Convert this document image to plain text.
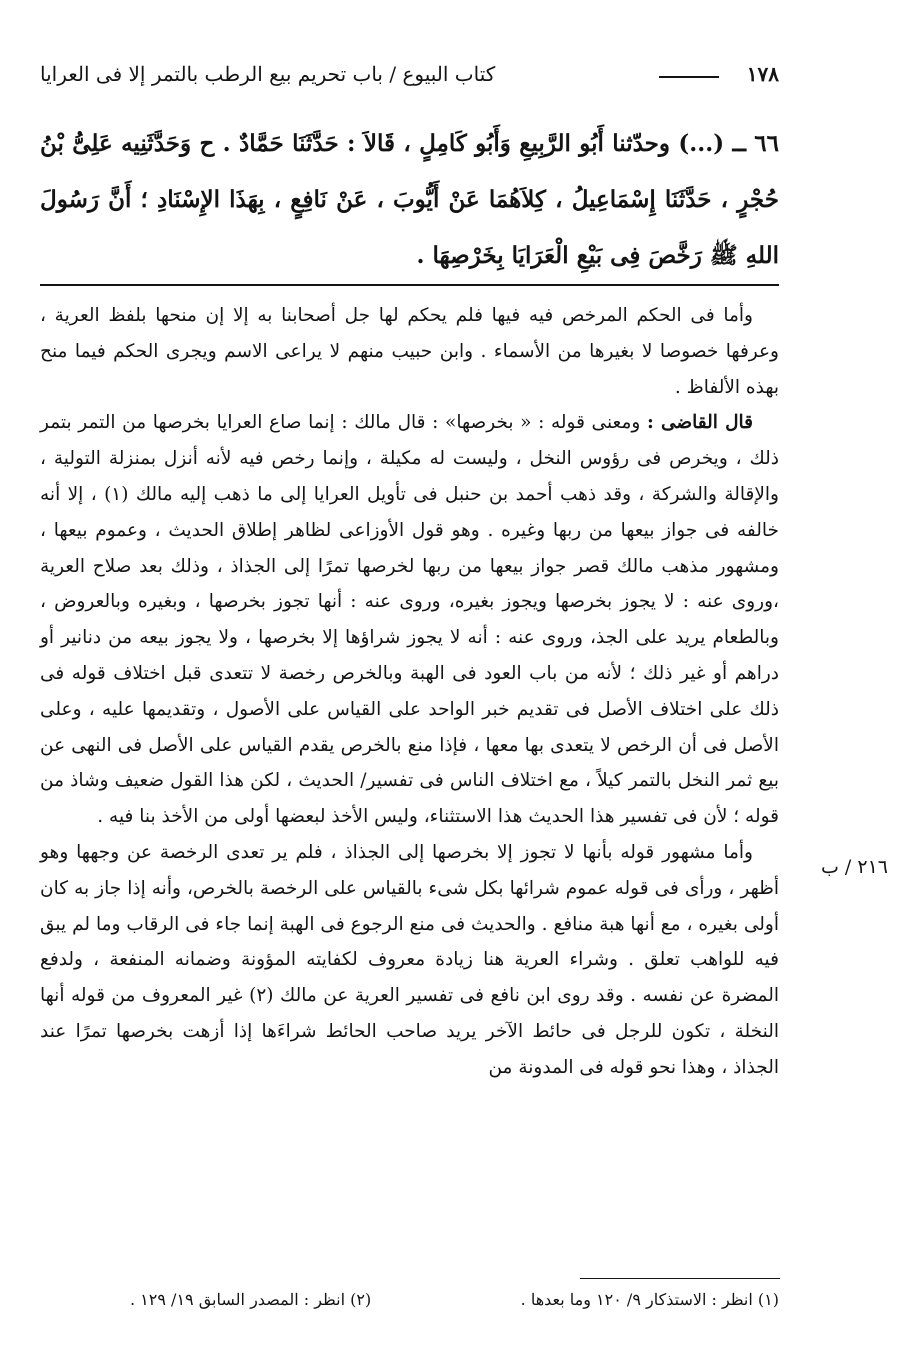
١٧٨
كتاب البيوع / باب تحريم بيع الرطب بالتمر إلا فى العرايا
٦٦ ــ (...) وحدّثنا أَبُو الرَّبِيعِ وَأَبُو كَامِلٍ ، قَالاَ : حَدَّثَنَا حَمَّادٌ . ح وَحَدَّثَنِيه عَلِىُّ بْنُ حُجْرٍ ، حَدَّثَنَا إِسْمَاعِيلُ ، كِلاَهُمَا عَنْ أَيُّوبَ ، عَنْ نَافِعٍ ، بِهَذَا الإِسْنَادِ ؛ أَنَّ رَسُولَ اللهِ ﷺ رَخَّصَ فِى بَيْعِ الْعَرَايَا بِخَرْصِهَا .

وأما فى الحكم المرخص فيه فيها فلم يحكم لها جل أصحابنا به إلا إن منحها بلفظ العرية ، وعرفها خصوصا لا بغيرها من الأسماء . وابن حبيب منهم لا يراعى الاسم ويجرى الحكم فيما منح بهذه الألفاظ .

قال القاضى : ومعنى قوله : « بخرصها» : قال مالك : إنما صاع العرايا بخرصها من التمر بتمر ذلك ، ويخرص فى رؤوس النخل ، وليست له مكيلة ، وإنما رخص فيه لأنه أنزل بمنزلة التولية ، والإقالة والشركة ، وقد ذهب أحمد بن حنبل فى تأويل العرايا إلى ما ذهب إليه مالك (١) ، إلا أنه خالفه فى جواز بيعها من ربها وغيره . وهو قول الأوزاعى لظاهر إطلاق الحديث ، وعموم بيعها ، ومشهور مذهب مالك قصر جواز بيعها من ربها لخرصها تمرًا إلى الجذاذ ، وذلك بعد صلاح العرية ،وروى عنه : لا يجوز بخرصها ويجوز بغيره، وروى عنه : أنها تجوز بخرصها ، وبغيره وبالعروض ، وبالطعام يريد على الجذ، وروى عنه : أنه لا يجوز شراؤها إلا بخرصها ، ولا يجوز بيعه من دنانير أو دراهم أو غير ذلك ؛ لأنه من باب العود فى الهبة وبالخرص رخصة لا تتعدى قبل اختلاف قوله فى ذلك على اختلاف الأصل فى تقديم خبر الواحد على القياس على الأصول ، وتقديمها عليه ، وعلى الأصل فى أن الرخص لا يتعدى بها معها ، فإذا منع بالخرص يقدم القياس على الأصل فى النهى عن بيع ثمر النخل بالتمر كيلاً ، مع اختلاف الناس فى تفسير/ الحديث ، لكن هذا القول ضعيف وشاذ من قوله ؛ لأن فى تفسير هذا الحديث هذا الاستثناء، وليس الأخذ لبعضها أولى من الأخذ بنا فيه .

وأما مشهور قوله بأنها لا تجوز إلا بخرصها إلى الجذاذ ، فلم ير تعدى الرخصة عن وجهها وهو أظهر ، ورأى فى قوله عموم شرائها بكل شىء بالقياس على الرخصة بالخرص، وأنه إذا جاز به كان أولى بغيره ، مع أنها هبة منافع . والحديث فى منع الرجوع فى الهبة إنما جاء فى الرقاب وما لم يبق فيه للواهب تعلق . وشراء العرية هنا زيادة معروف لكفايته المؤونة وضمانه المنفعة ، ولدفع المضرة عن نفسه . وقد روى ابن نافع فى تفسير العرية عن مالك (٢) غير المعروف من قوله أنها النخلة ، تكون للرجل فى حائط الآخر يريد صاحب الحائط شراءَها إذا أزهت بخرصها تمرًا عند الجذاذ ، وهذا نحو قوله فى المدونة من

٢١٦ / ب
(١) انظر : الاستذكار ٩/ ١٢٠ وما بعدها .
(٢) انظر : المصدر السابق ١٩/ ١٢٩ .
